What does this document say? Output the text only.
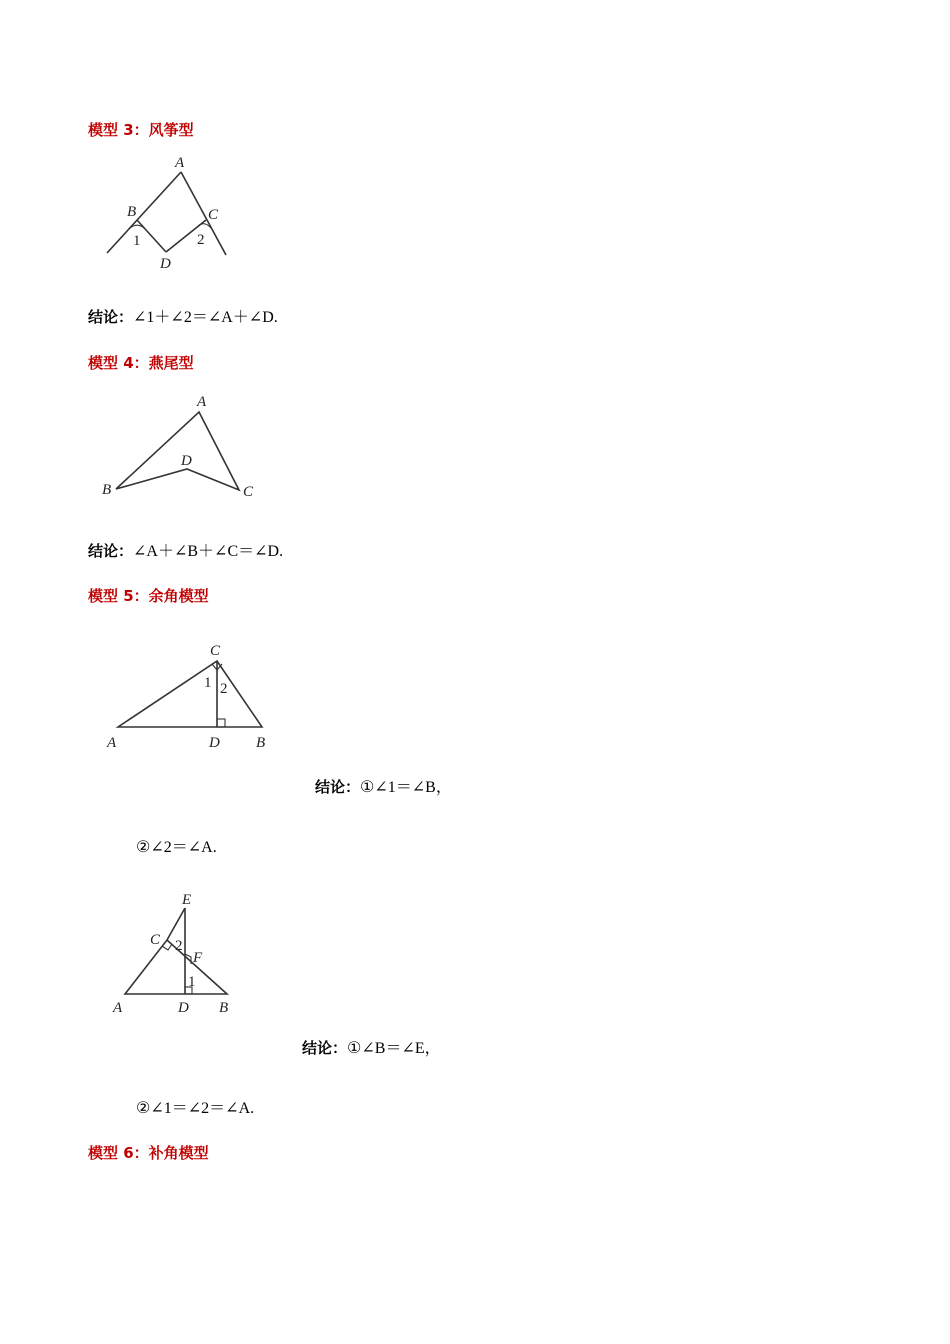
模型 3：风筝型
A
B	C
D
1	2
结论：∠1＋∠2＝∠A＋∠D.
模型 4：燕尾型
A
B	C
D
结论：∠A＋∠B＋∠C＝∠D.
模型 5：余角模型
C
A	D B
1 2
结论：①∠1＝∠B，
②∠2＝∠A.
E
C
F
A	D B
2
1
结论：①∠B＝∠E，
②∠1＝∠2＝∠A.
模型 6：补角模型
